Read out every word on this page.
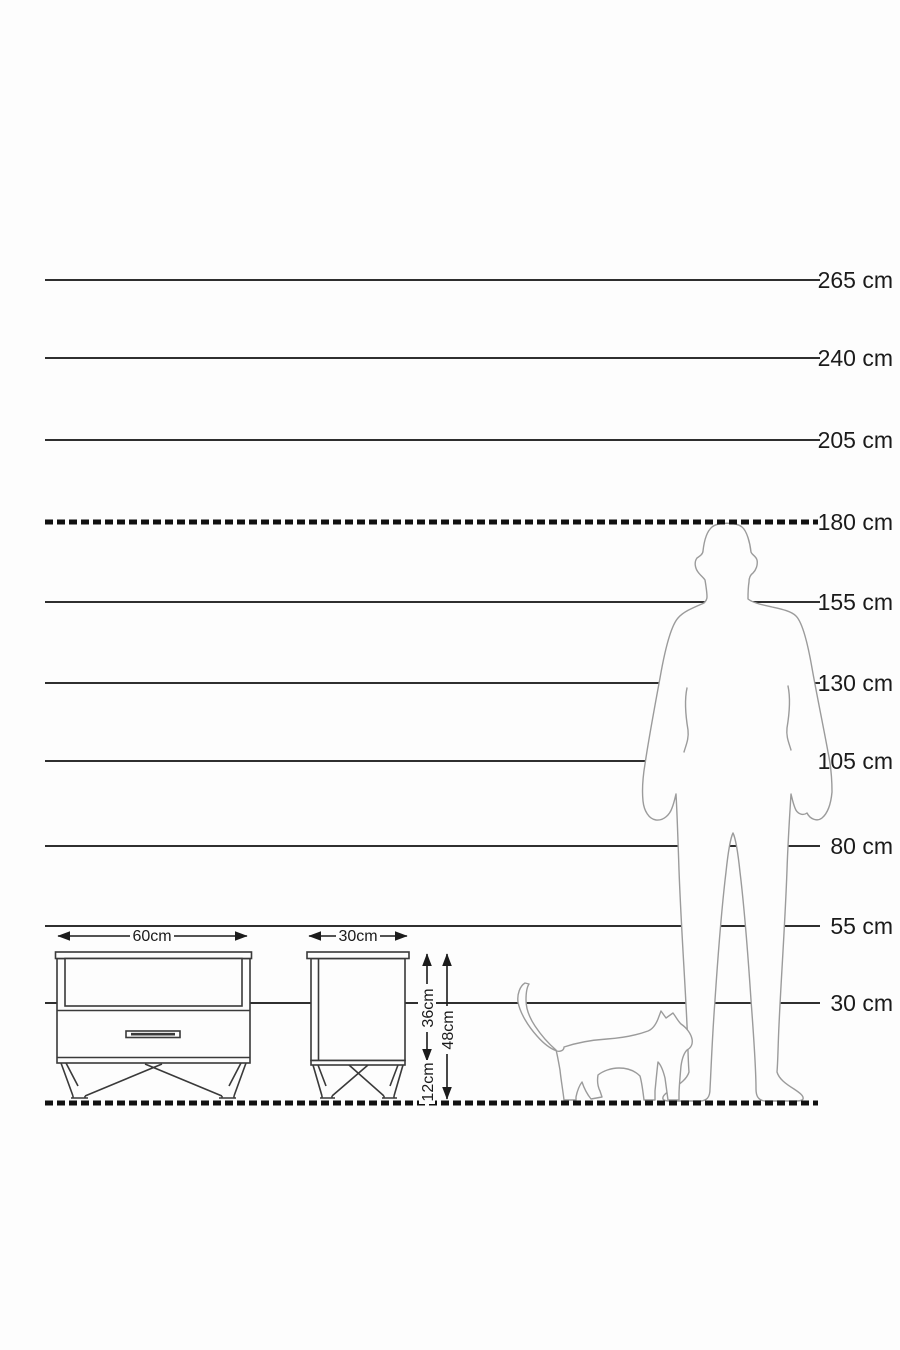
60cm	30cm
36cm
12cm
48cm
265 cm
240 cm
205 cm
180 cm
155 cm
130 cm
105 cm
80 cm
55 cm
30 cm
